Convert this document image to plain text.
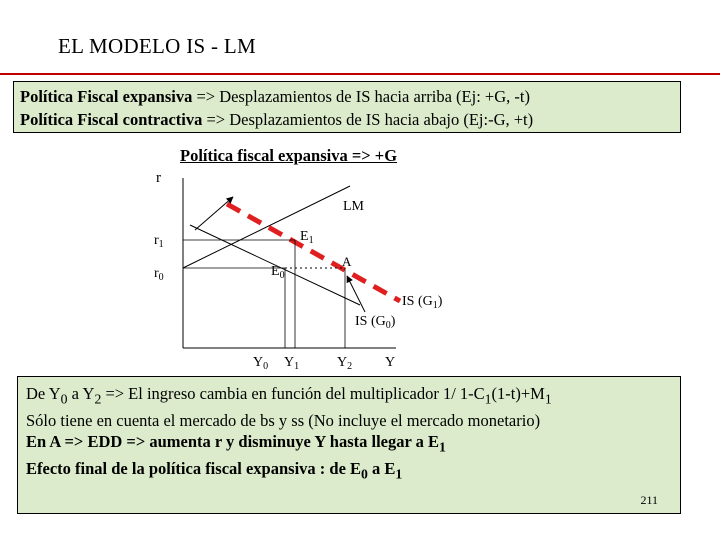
EL MODELO IS - LM
Política Fiscal expansiva => Desplazamientos de IS hacia arriba (Ej: +G, -t)
Política Fiscal contractiva => Desplazamientos de IS hacia abajo (Ej:-G, +t)
Política fiscal expansiva => +G
r
LM
$r_1$
$r_0$
$E_1$
$E_0$
A
IS $(G_1)$
IS $(G_0)$
$Y_0$ $Y_1$	$Y_2$ Y
De $Y_0$ a $Y_2 => El$ ingreso cambia en función del multiplicador 1/ $1-C_1(1-t)+M_1$
Sólo tiene en cuenta el mercado de bs y ss (No incluye el mercado monetario)
En A => EDD => aumenta r y disminuye Y hasta llegar a $E_1$
Efecto final de la política fiscal expansiva : de $E_0$ a $E_1$
211
